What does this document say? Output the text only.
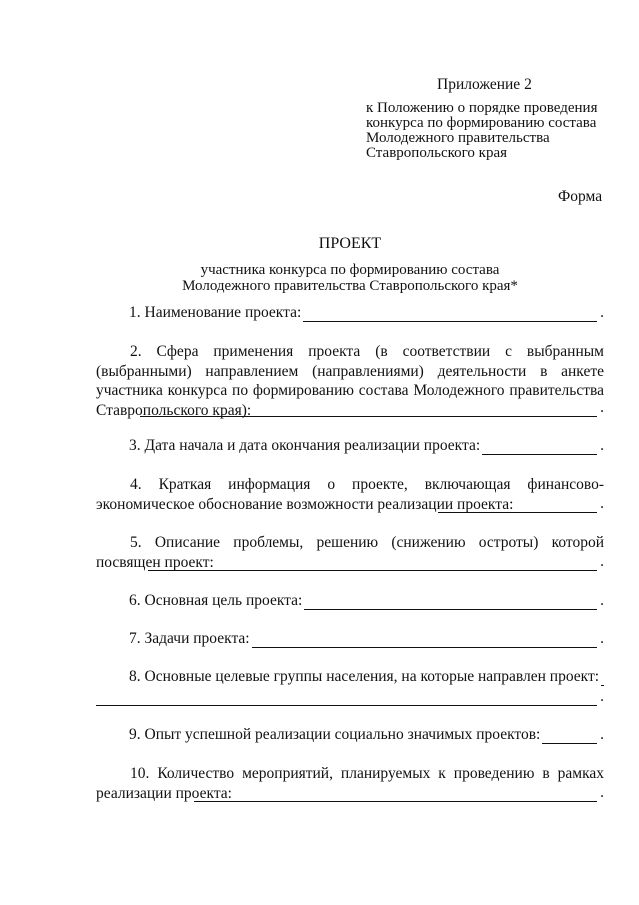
Приложение 2
к Положению о порядке проведения конкурса по формированию состава Молодежного правительства Ставропольского края
Форма
ПРОЕКТ
участника конкурса по формированию состава Молодежного правительства Ставропольского края*
1. Наименование проекта:	.
2. Сфера применения проекта (в соответствии с выбранным (выбранными) направлением (направлениями) деятельности в анкете участника конкурса по формированию состава Молодежного правительства Ставропольского края):	.
3. Дата начала и дата окончания реализации проекта:	.
4. Краткая информация о проекте, включающая финансово-экономическое обоснование возможности реализации проекта:	.
5. Описание проблемы, решению (снижению остроты) которой посвящен проект:	.
6. Основная цель проекта:	.
7. Задачи проекта:	.
8. Основные целевые группы населения, на которые направлен проект:
.
9. Опыт успешной реализации социально значимых проектов:	.
10. Количество мероприятий, планируемых к проведению в рамках реализации проекта:	.
